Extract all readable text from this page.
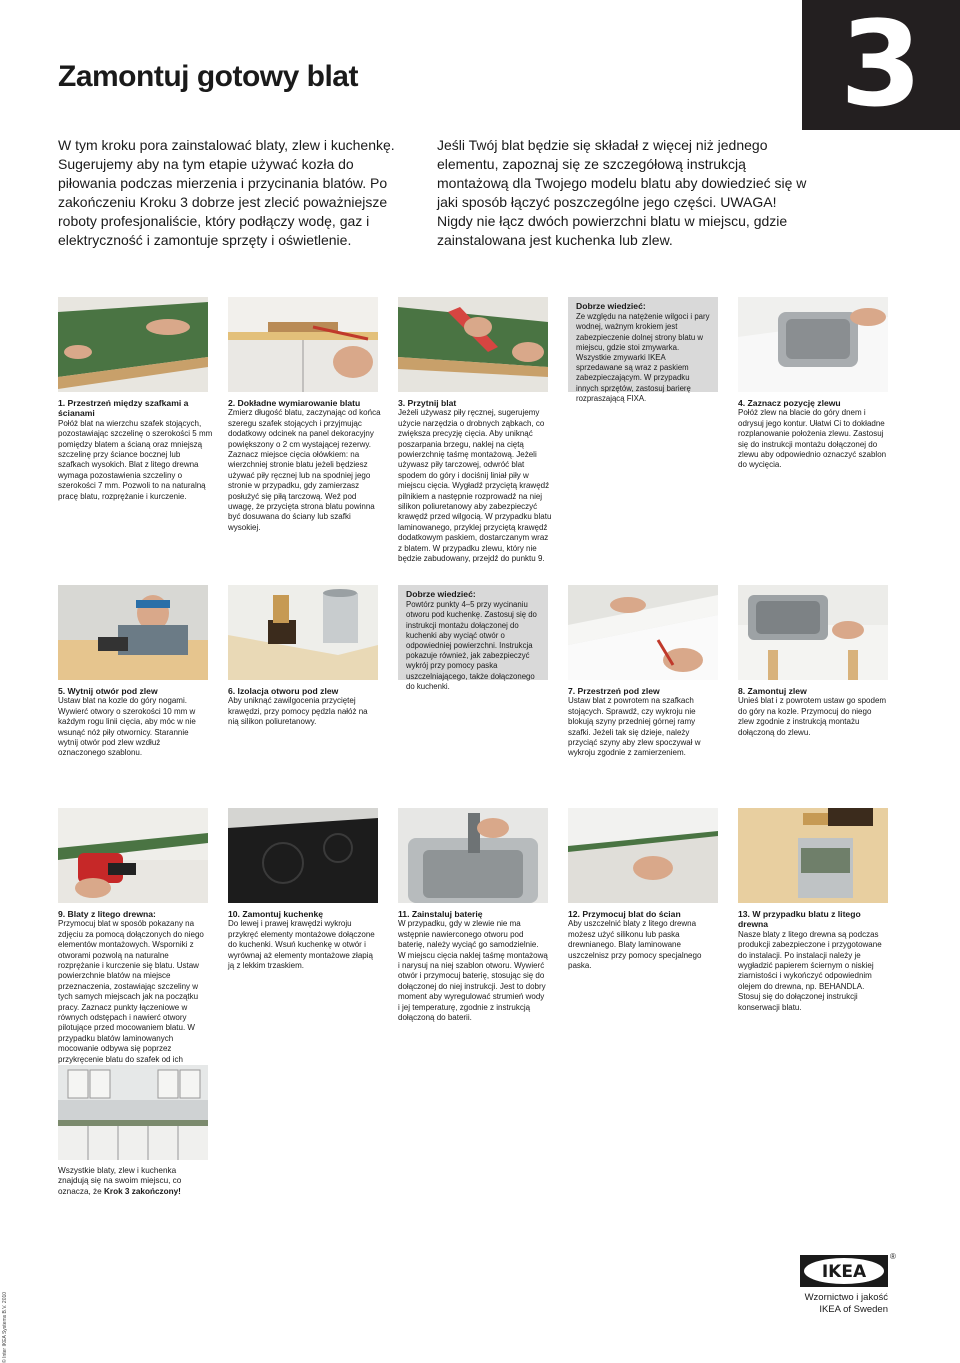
3
Zamontuj gotowy blat
W tym kroku pora zainstalować blaty, zlew i kuchenkę. Sugerujemy aby na tym etapie używać kozła do piłowania podczas mierzenia i przycinania blatów. Po zakończeniu Kroku 3 dobrze jest zlecić poważniejsze roboty profesjonaliście, który podłączy wodę, gaz i elektryczność i zamontuje sprzęty i oświetlenie.
Jeśli Twój blat będzie się składał z więcej niż jednego elementu, zapoznaj się ze szczegółową instrukcją montażową dla Twojego modelu blatu aby dowiedzieć się w jaki sposób łączyć poszczególne jego części. UWAGA! Nigdy nie łącz dwóch powierzchni blatu w miejscu, gdzie zainstalowana jest kuchenka lub zlew.
Dobrze wiedzieć:
Ze względu na natężenie wilgoci i pary wodnej, ważnym krokiem jest zabezpieczenie dolnej strony blatu w miejscu, gdzie stoi zmywarka. Wszystkie zmywarki IKEA sprzedawane są wraz z paskiem zabezpieczającym. W przypadku innych sprzętów, zastosuj barierę rozpraszającą FIXA.
1. Przestrzeń między szafkami a ścianami
Połóż blat na wierzchu szafek stojących, pozostawiając szczelinę o szerokości 5 mm pomiędzy blatem a ścianą oraz mniejszą szczelinę przy ściance bocznej lub szafkach wysokich. Blat z litego drewna wymaga pozostawienia szczeliny o szerokości 7 mm. Pozwoli to na naturalną pracę blatu, rozprężanie i kurczenie.
2. Dokładne wymiarowanie blatu
Zmierz długość blatu, zaczynając od końca szeregu szafek stojących i przyjmując dodatkowy odcinek na panel dekoracyjny powiększony o 2 cm wystającej rezerwy. Zaznacz miejsce cięcia ołówkiem: na wierzchniej stronie blatu jeżeli będziesz używać piły ręcznej lub na spodniej jego stronie w przypadku, gdy zamierzasz posłużyć się piłą tarczową. Weź pod uwagę, że przycięta strona blatu powinna być dosuwana do ściany lub szafki wysokiej.
3. Przytnij blat
Jeżeli używasz piły ręcznej, sugerujemy użycie narzędzia o drobnych ząbkach, co zwiększa precyzję cięcia. Aby uniknąć poszarpania brzegu, naklej na ciętą powierzchnię taśmę montażową. Jeżeli używasz piły tarczowej, odwróć blat spodem do góry i dociśnij liniał piły w miejscu cięcia. Wygładź przyciętą krawędź pilnikiem a następnie rozprowadź na niej silikon poliuretanowy aby zabezpieczyć krawędź przed wilgocią. W przypadku blatu laminowanego, przyklej przyciętą krawędź dodatkowym paskiem, dostarczanym wraz z blatem. W przypadku zlewu, który nie będzie zabudowany, przejdź do punktu 9.
4. Zaznacz pozycję zlewu
Połóż zlew na blacie do góry dnem i odrysuj jego kontur. Ułatwi Ci to dokładne rozplanowanie położenia zlewu. Zastosuj się do instrukcji montażu dołączonej do zlewu aby odpowiednio oznaczyć szablon do wycięcia.
Dobrze wiedzieć:
Powtórz punkty 4–5 przy wycinaniu otworu pod kuchenkę. Zastosuj się do instrukcji montażu dołączonej do kuchenki aby wyciąć otwór o odpowiedniej powierzchni. Instrukcja pokazuje również, jak zabezpieczyć wykrój przy pomocy paska uszczelniającego, także dołączonego do kuchenki.
5. Wytnij otwór pod zlew
Ustaw blat na kozle do góry nogami. Wywierć otwory o szerokości 10 mm w każdym rogu linii cięcia, aby móc w nie wsunąć nóż piły otwornicy. Starannie wytnij otwór pod zlew wzdłuż oznaczonego szablonu.
6. Izolacja otworu pod zlew
Aby uniknąć zawilgocenia przyciętej krawędzi, przy pomocy pędzla nałóż na nią silikon poliuretanowy.
7. Przestrzeń pod zlew
Ustaw blat z powrotem na szafkach stojących. Sprawdź, czy wykroju nie blokują szyny przedniej górnej ramy szafki. Jeżeli tak się dzieje, należy przyciąć szyny aby zlew spoczywał w wykroju zgodnie z zamierzeniem.
8. Zamontuj zlew
Unieś blat i z powrotem ustaw go spodem do góry na kozle. Przymocuj do niego zlew zgodnie z instrukcją montażu dołączoną do zlewu.
9. Blaty z litego drewna:
Przymocuj blat w sposób pokazany na zdjęciu za pomocą dołączonych do niego elementów montażowych. Wsporniki z otworami pozwolą na naturalne rozprężanie i kurczenie się blatu. Ustaw powierzchnie blatów na miejsce przeznaczenia, zostawiając szczeliny w tych samych miejscach jak na początku pracy. Zaznacz punkty łączeniowe w równych odstępach i nawierć otwory pilotujące przed mocowaniem blatu. W przypadku blatów laminowanych mocowanie odbywa się poprzez przykręcenie blatu do szafek od ich
10. Zamontuj kuchenkę
Do lewej i prawej krawędzi wykroju przykręć elementy montażowe dołączone do kuchenki. Wsuń kuchenkę w otwór i wyrównaj aż elementy montażowe złapią ją z lekkim trzaskiem.
11. Zainstaluj baterię
W przypadku, gdy w zlewie nie ma wstępnie nawierconego otworu pod baterię, należy wyciąć go samodzielnie. W miejscu cięcia naklej taśmę montażową i narysuj na niej szablon otworu. Wywierć otwór i przymocuj baterię, stosując się do dołączonej do niej instrukcji. Jest to dobry moment aby wyregulować strumień wody i jej temperaturę, zgodnie z instrukcją dołączoną do baterii.
12. Przymocuj blat do ścian
Aby uszczelnić blaty z litego drewna możesz użyć silikonu lub paska drewnianego. Blaty laminowane uszczelnisz przy pomocy specjalnego paska.
13. W przypadku blatu z litego drewna
Nasze blaty z litego drewna są podczas produkcji zabezpieczone i przygotowane do instalacji. Po instalacji należy je wygładzić papierem ściernym o niskiej ziarnistości i wykończyć odpowiednim olejem do drewna, np. BEHANDLA. Stosuj się do dołączonej instrukcji konserwacji blatu.
Wszystkie blaty, zlew i kuchenka znajdują się na swoim miejscu, co oznacza, że Krok 3 zakończony!
IKEA
®
Wzornictwo i jakość
IKEA of Sweden
© Inter IKEA Systems B.V. 2010
